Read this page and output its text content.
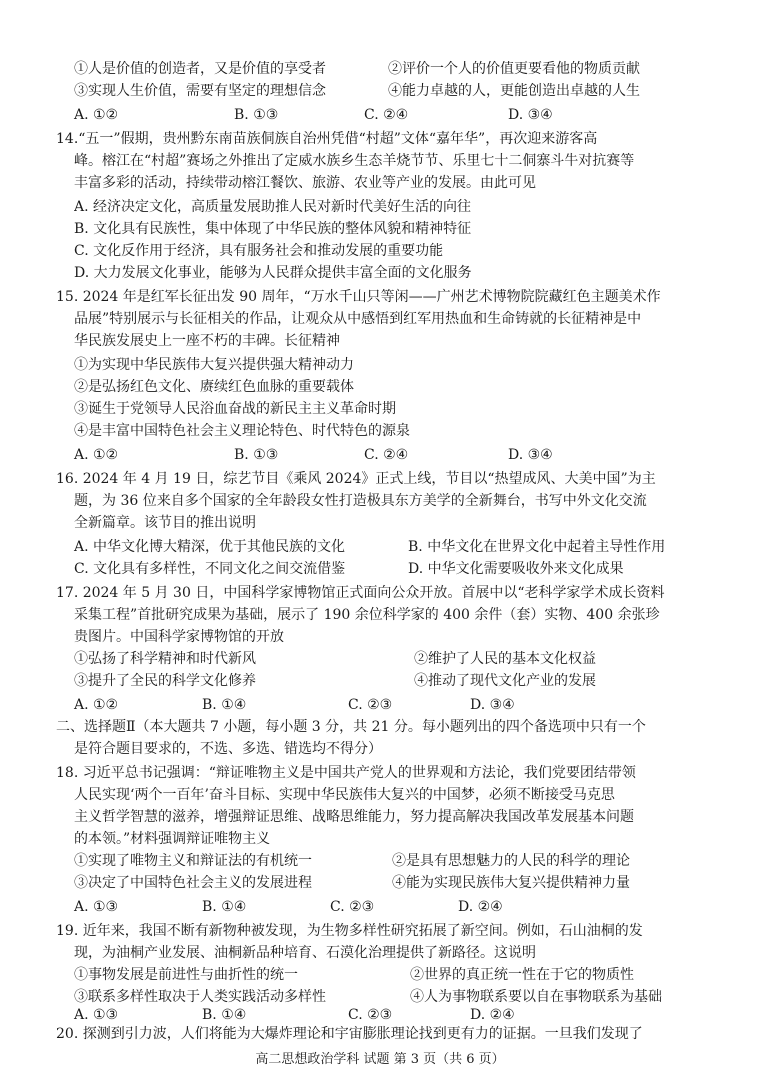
①人是价值的创造者，又是价值的享受者	②评价一个人的价值更要看他的物质贡献
③实现人生价值，需要有坚定的理想信念	④能力卓越的人，更能创造出卓越的人生
A. ①②	B. ①③	C. ②④	D. ③④
14.“五一”假期，贵州黔东南苗族侗族自治州凭借“村超”文体“嘉年华”，再次迎来游客高
峰。榕江在“村超”赛场之外推出了定威水族乡生态羊烧节节、乐里七十二侗寨斗牛对抗赛等
丰富多彩的活动，持续带动榕江餐饮、旅游、农业等产业的发展。由此可见
A. 经济决定文化，高质量发展助推人民对新时代美好生活的向往
B. 文化具有民族性，集中体现了中华民族的整体风貌和精神特征
C. 文化反作用于经济，具有服务社会和推动发展的重要功能
D. 大力发展文化事业，能够为人民群众提供丰富全面的文化服务
15. 2024 年是红军长征出发 90 周年，“万水千山只等闲——广州艺术博物院院藏红色主题美术作
品展”特别展示与长征相关的作品，让观众从中感悟到红军用热血和生命铸就的长征精神是中
华民族发展史上一座不朽的丰碑。长征精神
①为实现中华民族伟大复兴提供强大精神动力
②是弘扬红色文化、赓续红色血脉的重要载体
③诞生于党领导人民浴血奋战的新民主主义革命时期
④是丰富中国特色社会主义理论特色、时代特色的源泉
A. ①②	B. ①③	C. ②④	D. ③④
16. 2024 年 4 月 19 日，综艺节目《乘风 2024》正式上线，节目以“热望成风、大美中国”为主
题，为 36 位来自多个国家的全年龄段女性打造极具东方美学的全新舞台，书写中外文化交流
全新篇章。该节目的推出说明
A. 中华文化博大精深，优于其他民族的文化	B. 中华文化在世界文化中起着主导性作用
C. 文化具有多样性，不同文化之间交流借鉴	D. 中华文化需要吸收外来文化成果
17. 2024 年 5 月 30 日，中国科学家博物馆正式面向公众开放。首展中以“老科学家学术成长资料
采集工程”首批研究成果为基础，展示了 190 余位科学家的 400 余件（套）实物、400 余张珍
贵图片。中国科学家博物馆的开放
①弘扬了科学精神和时代新风	②维护了人民的基本文化权益
③提升了全民的科学文化修养	④推动了现代文化产业的发展
A. ①②	B. ①④	C. ②③	D. ③④
二、选择题Ⅱ（本大题共 7 小题，每小题 3 分，共 21 分。每小题列出的四个备选项中只有一个
是符合题目要求的，不选、多选、错选均不得分）
18. 习近平总书记强调：“辩证唯物主义是中国共产党人的世界观和方法论，我们党要团结带领
人民实现‘两个一百年’奋斗目标、实现中华民族伟大复兴的中国梦，必须不断接受马克思
主义哲学智慧的滋养，增强辩证思维、战略思维能力，努力提高解决我国改革发展基本问题
的本领。”材料强调辩证唯物主义
①实现了唯物主义和辩证法的有机统一	②是具有思想魅力的人民的科学的理论
③决定了中国特色社会主义的发展进程	④能为实现民族伟大复兴提供精神力量
A. ①③	B. ①④	C. ②③	D. ②④
19. 近年来，我国不断有新物种被发现，为生物多样性研究拓展了新空间。例如，石山油桐的发
现，为油桐产业发展、油桐新品种培育、石漠化治理提供了新路径。这说明
①事物发展是前进性与曲折性的统一	②世界的真正统一性在于它的物质性
③联系多样性取决于人类实践活动多样性	④人为事物联系要以自在事物联系为基础
A. ①③	B. ①④	C. ②③	D. ②④
20. 探测到引力波，人们将能为大爆炸理论和宇宙膨胀理论找到更有力的证据。一旦我们发现了
高二思想政治学科 试题 第 3 页（共 6 页）
